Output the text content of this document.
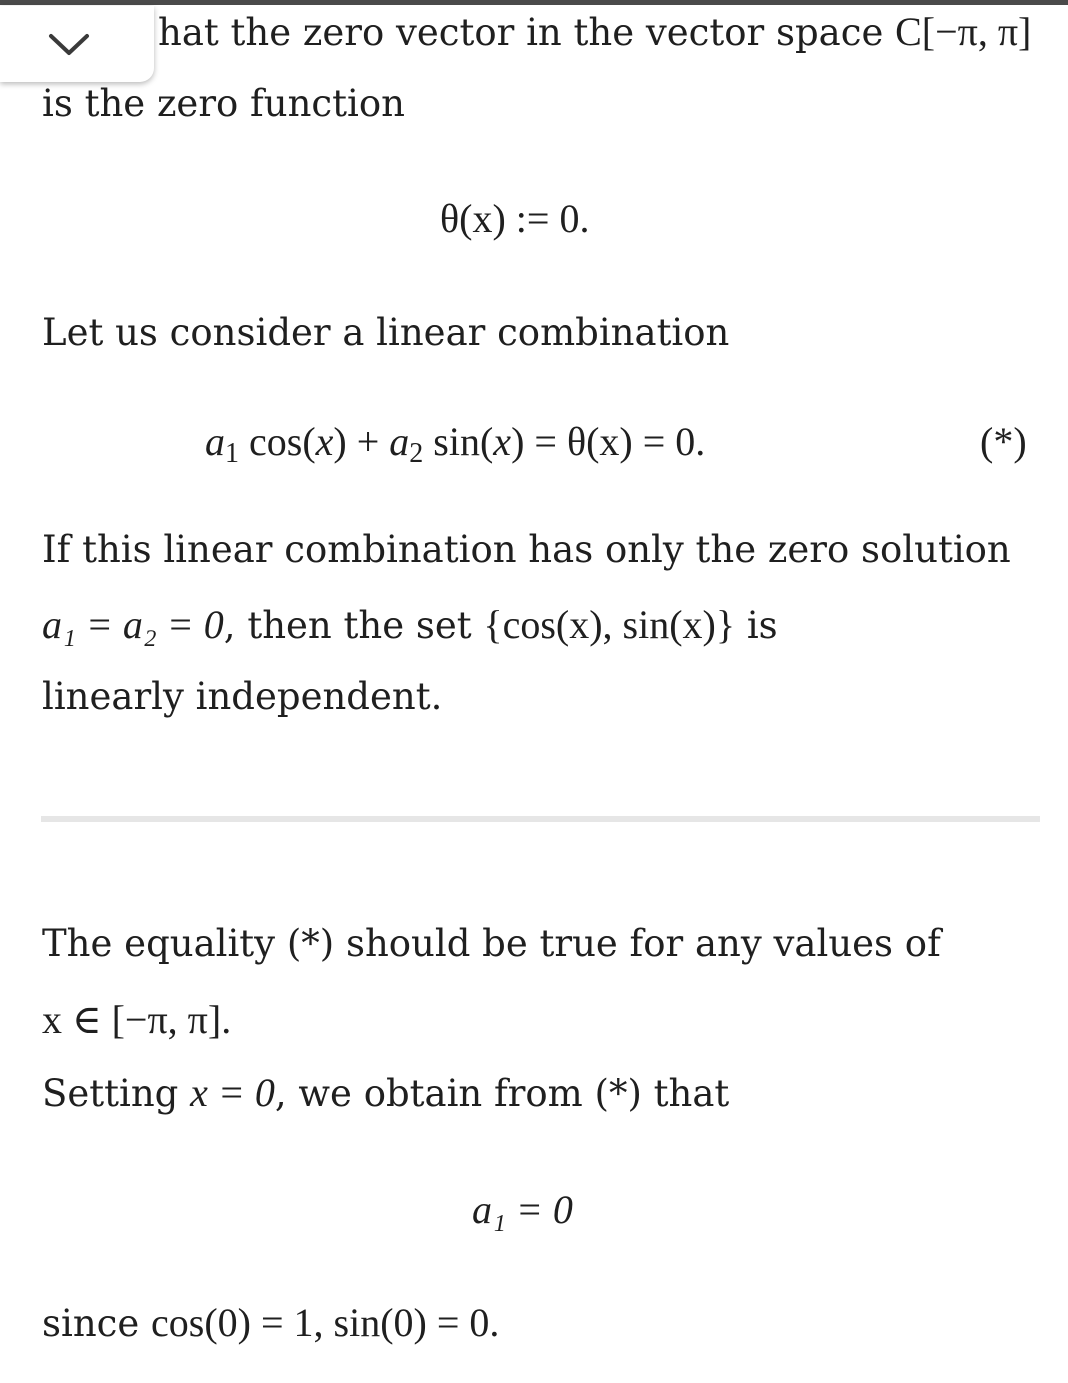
hat the zero vector in the vector space C[−π, π]
is the zero function
θ(x) := 0.
Let us consider a linear combination
$a_1$ $\cos(x) + a_2$ sin(x) = θ(x) = 0.	(*)
If this linear combination has only the zero solution
a₁ = a₂ = 0, then the set {cos(x), sin(x)} is
linearly independent.
The equality (*) should be true for any values of
x ∈ [−π, π].
Setting x = 0, we obtain from (*) that
a₁ = 0
since cos(0) = 1, sin(0) = 0.
